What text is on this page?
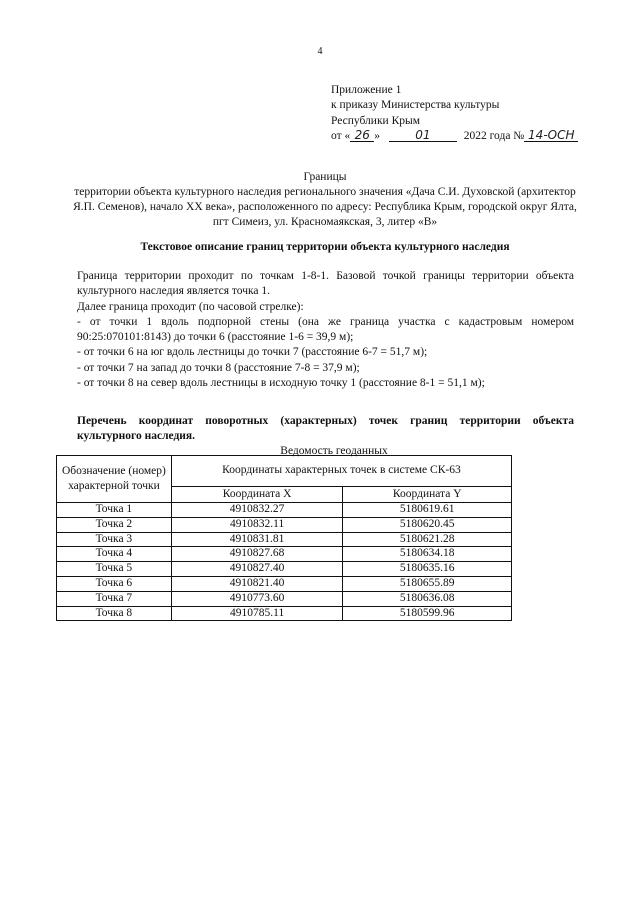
4
Приложение 1
к приказу Министерства культуры
Республики Крым
от « 26 »	01	2022 года № 14-ОСН
Границы
территории объекта культурного наследия регионального значения «Дача С.И. Духовской (архитектор Я.П. Семенов), начало XX века», расположенного по адресу: Республика Крым, городской округ Ялта, пгт Симеиз, ул. Красномаякская, 3, литер «В»
Текстовое описание границ территории объекта культурного наследия

Граница территории проходит по точкам 1-8-1. Базовой точкой границы территории объекта культурного наследия является точка 1.

Далее граница проходит (по часовой стрелке):

- от точки 1 вдоль подпорной стены (она же граница участка с кадастровым номером 90:25:070101:8143) до точки 6 (расстояние 1-6 = 39,9 м);

- от точки 6 на юг вдоль лестницы до точки 7 (расстояние 6-7 = 51,7 м);

- от точки 7 на запад до точки 8 (расстояние 7-8 = 37,9 м);

- от точки 8 на север вдоль лестницы в исходную точку 1 (расстояние 8-1 = 51,1 м);

Перечень координат поворотных (характерных) точек границ территории объекта культурного наследия.
Ведомость геоданных
Обозначение (номер) характерной точки	Координаты характерных точек в системе СК-63	
	Координата X	Координата Y
Точка 1	4910832.27	5180619.61
Точка 2	4910832.11	5180620.45
Точка 3	4910831.81	5180621.28
Точка 4	4910827.68	5180634.18
Точка 5	4910827.40	5180635.16
Точка 6	4910821.40	5180655.89
Точка 7	4910773.60	5180636.08
Точка 8	4910785.11	5180599.96
